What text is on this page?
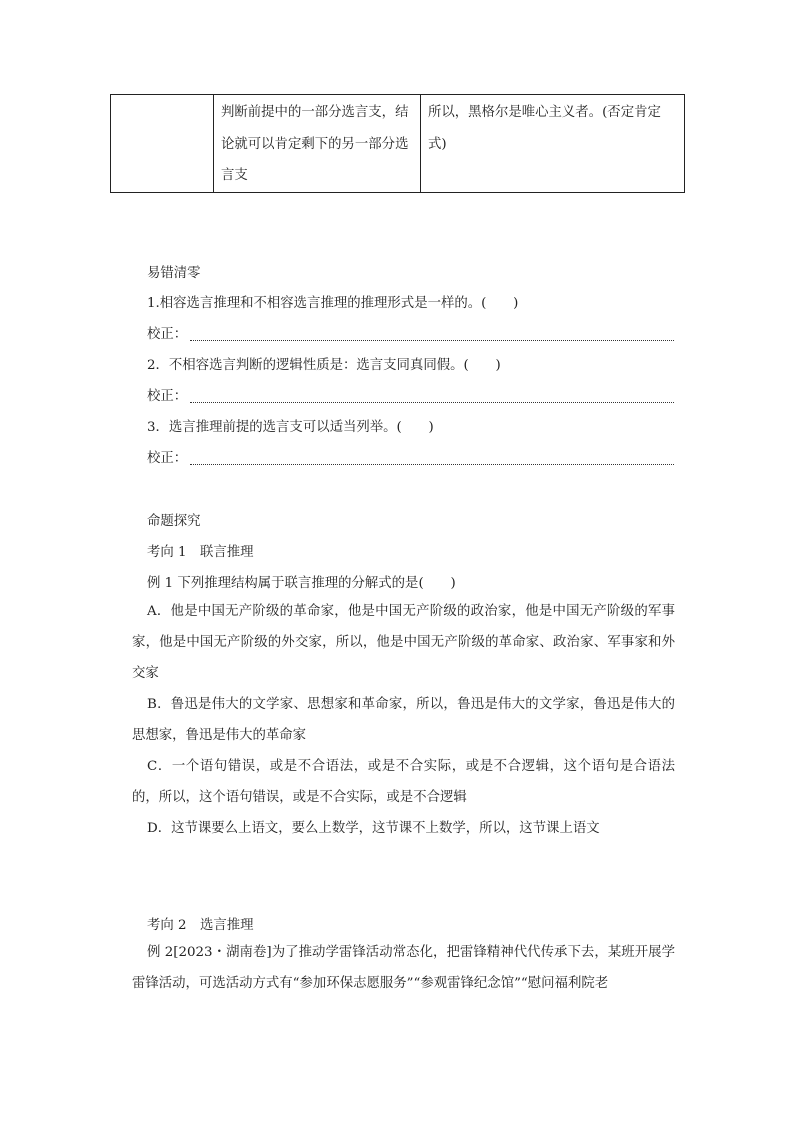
	判断前提中的一部分选言支，结论就可以肯定剩下的另一部分选言支	所以，黑格尔是唯心主义者。(否定肯定式)
易错清零
1.相容选言推理和不相容选言推理的推理形式是一样的。(　　)
校正：
2．不相容选言判断的逻辑性质是：选言支同真同假。(　　)
校正：
3．选言推理前提的选言支可以适当列举。(　　)
校正：
命题探究
考向 1　联言推理
例 1 下列推理结构属于联言推理的分解式的是(　　)
A．他是中国无产阶级的革命家，他是中国无产阶级的政治家，他是中国无产阶级的军事家，他是中国无产阶级的外交家，所以，他是中国无产阶级的革命家、政治家、军事家和外交家
B．鲁迅是伟大的文学家、思想家和革命家，所以，鲁迅是伟大的文学家，鲁迅是伟大的思想家，鲁迅是伟大的革命家
C．一个语句错误，或是不合语法，或是不合实际，或是不合逻辑，这个语句是合语法的，所以，这个语句错误，或是不合实际，或是不合逻辑
D．这节课要么上语文，要么上数学，这节课不上数学，所以，这节课上语文
考向 2　选言推理
例 2[2023・湖南卷]为了推动学雷锋活动常态化，把雷锋精神代代传承下去，某班开展学雷锋活动，可选活动方式有“参加环保志愿服务”“参观雷锋纪念馆”“慰问福利院老
